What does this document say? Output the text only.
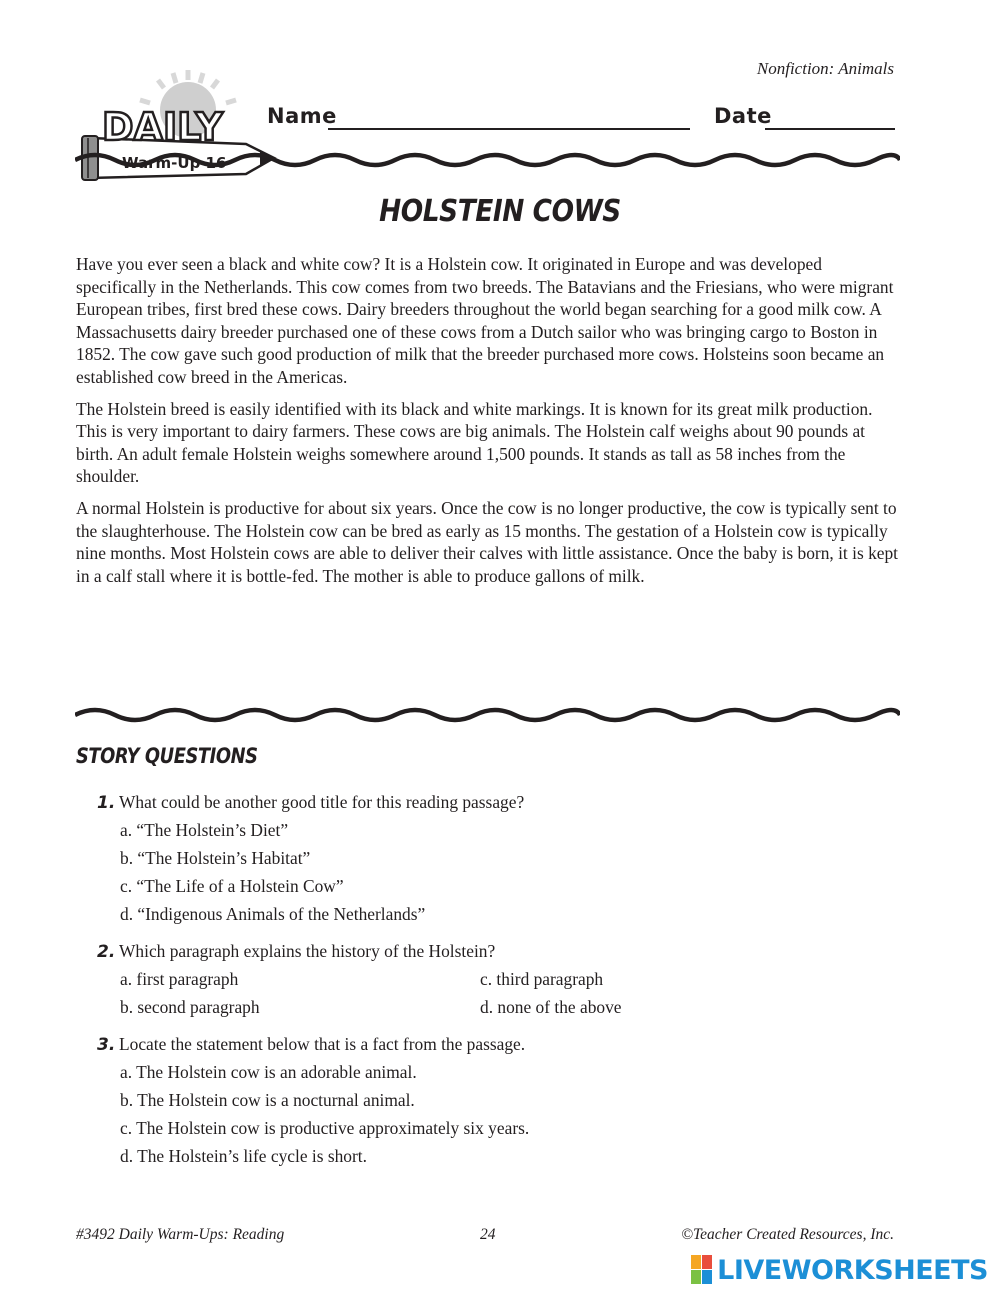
Nonfiction: Animals
DAILY
Warm-Up 16
Name	Date
HOLSTEIN COWS

Have you ever seen a black and white cow? It is a Holstein cow. It originated in Europe and was developed specifically in the Netherlands. This cow comes from two breeds. The Batavians and the Friesians, who were migrant European tribes, first bred these cows. Dairy breeders throughout the world began searching for a good milk cow. A Massachusetts dairy breeder purchased one of these cows from a Dutch sailor who was bringing cargo to Boston in 1852. The cow gave such good production of milk that the breeder purchased more cows. Holsteins soon became an established cow breed in the Americas.

The Holstein breed is easily identified with its black and white markings. It is known for its great milk production. This is very important to dairy farmers. These cows are big animals. The Holstein calf weighs about 90 pounds at birth. An adult female Holstein weighs somewhere around 1,500 pounds. It stands as tall as 58 inches from the shoulder.

A normal Holstein is productive for about six years. Once the cow is no longer productive, the cow is typically sent to the slaughterhouse. The Holstein cow can be bred as early as 15 months. The gestation of a Holstein cow is typically nine months. Most Holstein cows are able to deliver their calves with little assistance. Once the baby is born, it is kept in a calf stall where it is bottle-fed. The mother is able to produce gallons of milk.

STORY QUESTIONS
1. What could be another good title for this reading passage?
a. “The Holstein’s Diet”
b. “The Holstein’s Habitat”
c. “The Life of a Holstein Cow”
d. “Indigenous Animals of the Netherlands”
2. Which paragraph explains the history of the Holstein?
a. first paragraph	c. third paragraph
b. second paragraph	d. none of the above
3. Locate the statement below that is a fact from the passage.
a. The Holstein cow is an adorable animal.
b. The Holstein cow is a nocturnal animal.
c. The Holstein cow is productive approximately six years.
d. The Holstein’s life cycle is short.
#3492 Daily Warm-Ups: Reading	24	©Teacher Created Resources, Inc.
LIVEWORKSHEETS
